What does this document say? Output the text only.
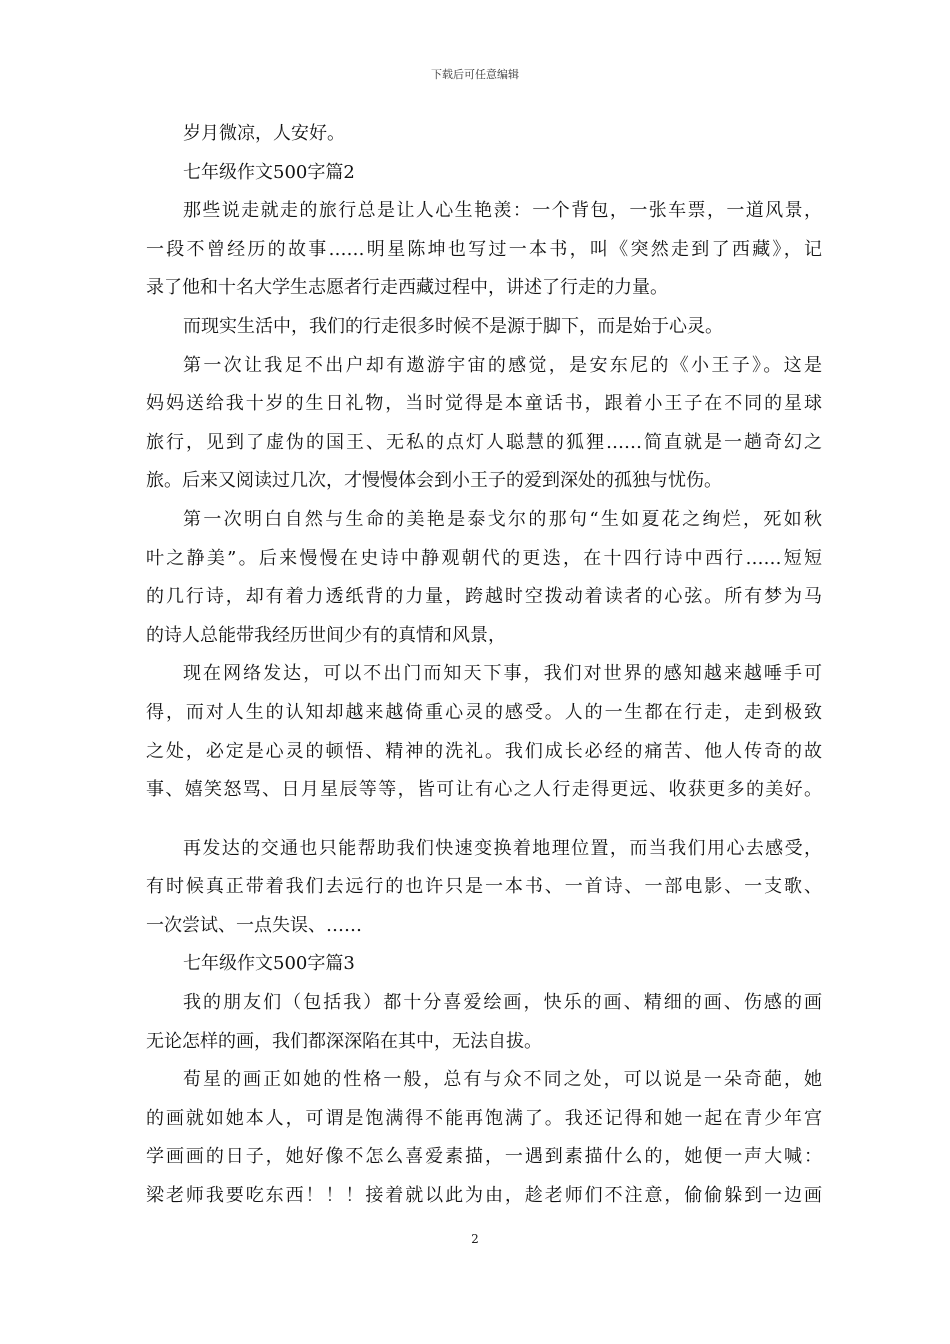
下载后可任意编辑
岁月微凉，人安好。
七年级作文500字篇2
那些说走就走的旅行总是让人心生艳羡：一个背包，一张车票，一道风景，
一段不曾经历的故事……明星陈坤也写过一本书，叫《突然走到了西藏》，记
录了他和十名大学生志愿者行走西藏过程中，讲述了行走的力量。
而现实生活中，我们的行走很多时候不是源于脚下，而是始于心灵。
第一次让我足不出户却有遨游宇宙的感觉，是安东尼的《小王子》。这是
妈妈送给我十岁的生日礼物，当时觉得是本童话书，跟着小王子在不同的星球
旅行，见到了虚伪的国王、无私的点灯人聪慧的狐狸……简直就是一趟奇幻之
旅。后来又阅读过几次，才慢慢体会到小王子的爱到深处的孤独与忧伤。
第一次明白自然与生命的美艳是泰戈尔的那句“生如夏花之绚烂，死如秋
叶之静美”。后来慢慢在史诗中静观朝代的更迭，在十四行诗中西行……短短
的几行诗，却有着力透纸背的力量，跨越时空拨动着读者的心弦。所有梦为马
的诗人总能带我经历世间少有的真情和风景，
现在网络发达，可以不出门而知天下事，我们对世界的感知越来越唾手可
得，而对人生的认知却越来越倚重心灵的感受。人的一生都在行走，走到极致
之处，必定是心灵的顿悟、精神的洗礼。我们成长必经的痛苦、他人传奇的故
事、嬉笑怒骂、日月星辰等等，皆可让有心之人行走得更远、收获更多的美好。
再发达的交通也只能帮助我们快速变换着地理位置，而当我们用心去感受，
有时候真正带着我们去远行的也许只是一本书、一首诗、一部电影、一支歌、
一次尝试、一点失误、……
七年级作文500字篇3
我的朋友们（包括我）都十分喜爱绘画，快乐的画、精细的画、伤感的画
无论怎样的画，我们都深深陷在其中，无法自拔。
荀星的画正如她的性格一般，总有与众不同之处，可以说是一朵奇葩，她
的画就如她本人，可谓是饱满得不能再饱满了。我还记得和她一起在青少年宫
学画画的日子，她好像不怎么喜爱素描，一遇到素描什么的，她便一声大喊：
梁老师我要吃东西！！！接着就以此为由，趁老师们不注意，偷偷躲到一边画
2
